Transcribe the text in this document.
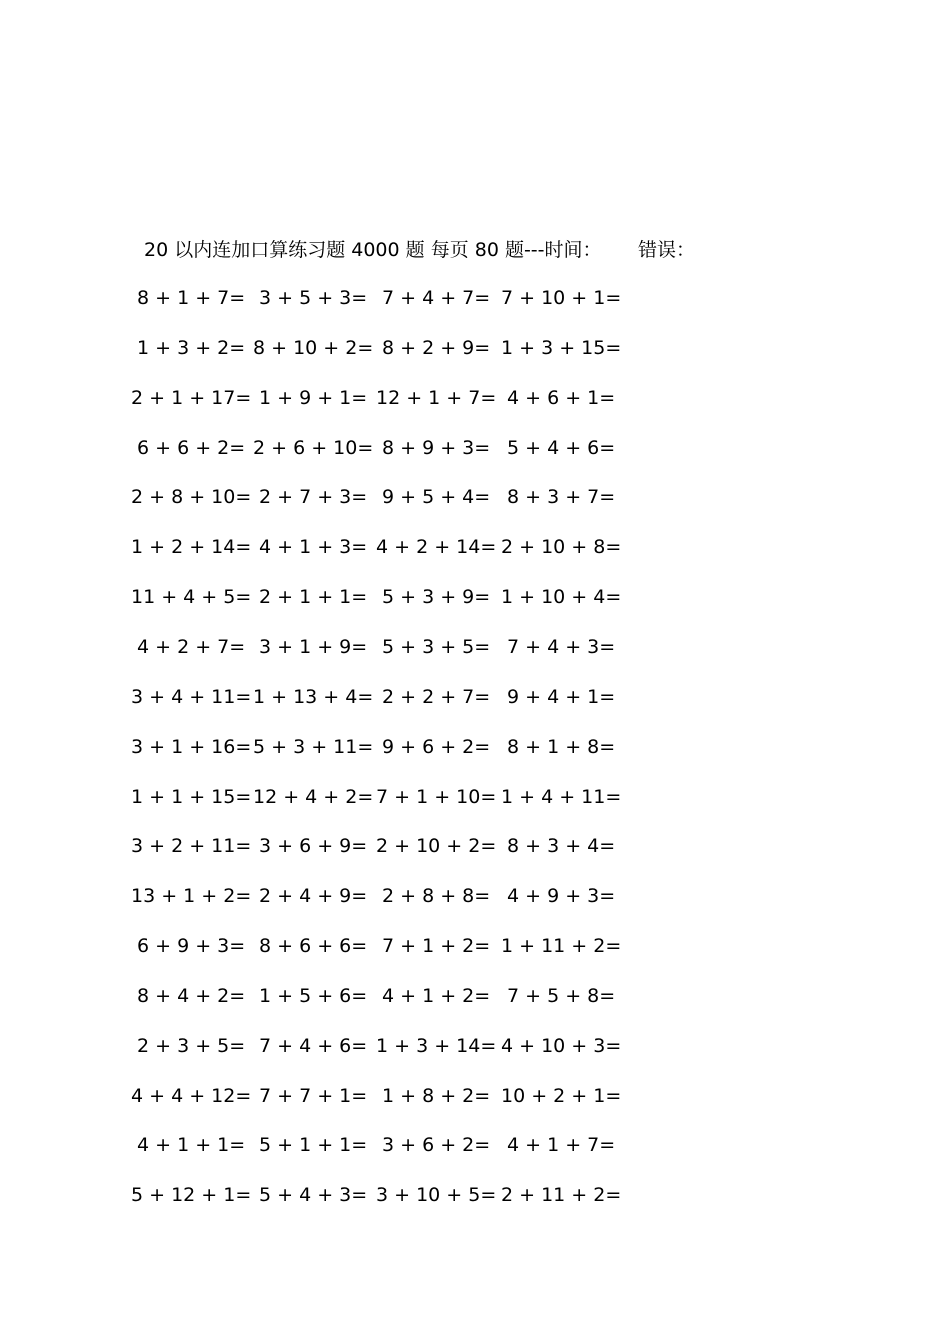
20 以内连加口算练习题 4000 题 每页 80 题---时间： 错误：
8 + 1 + 7= 3 + 5 + 3= 7 + 4 + 7= 7 + 10 + 1=
1 + 3 + 2= 8 + 10 + 2= 8 + 2 + 9= 1 + 3 + 15=
2 + 1 + 17= 1 + 9 + 1= 12 + 1 + 7= 4 + 6 + 1=
6 + 6 + 2= 2 + 6 + 10= 8 + 9 + 3= 5 + 4 + 6=
2 + 8 + 10= 2 + 7 + 3= 9 + 5 + 4= 8 + 3 + 7=
1 + 2 + 14= 4 + 1 + 3= 4 + 2 + 14= 2 + 10 + 8=
11 + 4 + 5= 2 + 1 + 1= 5 + 3 + 9= 1 + 10 + 4=
4 + 2 + 7= 3 + 1 + 9= 5 + 3 + 5= 7 + 4 + 3=
3 + 4 + 11= 1 + 13 + 4= 2 + 2 + 7= 9 + 4 + 1=
3 + 1 + 16= 5 + 3 + 11= 9 + 6 + 2= 8 + 1 + 8=
1 + 1 + 15= 12 + 4 + 2= 7 + 1 + 10= 1 + 4 + 11=
3 + 2 + 11= 3 + 6 + 9= 2 + 10 + 2= 8 + 3 + 4=
13 + 1 + 2= 2 + 4 + 9= 2 + 8 + 8= 4 + 9 + 3=
6 + 9 + 3= 8 + 6 + 6= 7 + 1 + 2= 1 + 11 + 2=
8 + 4 + 2= 1 + 5 + 6= 4 + 1 + 2= 7 + 5 + 8=
2 + 3 + 5= 7 + 4 + 6= 1 + 3 + 14= 4 + 10 + 3=
4 + 4 + 12= 7 + 7 + 1= 1 + 8 + 2= 10 + 2 + 1=
4 + 1 + 1= 5 + 1 + 1= 3 + 6 + 2= 4 + 1 + 7=
5 + 12 + 1= 5 + 4 + 3= 3 + 10 + 5= 2 + 11 + 2=
